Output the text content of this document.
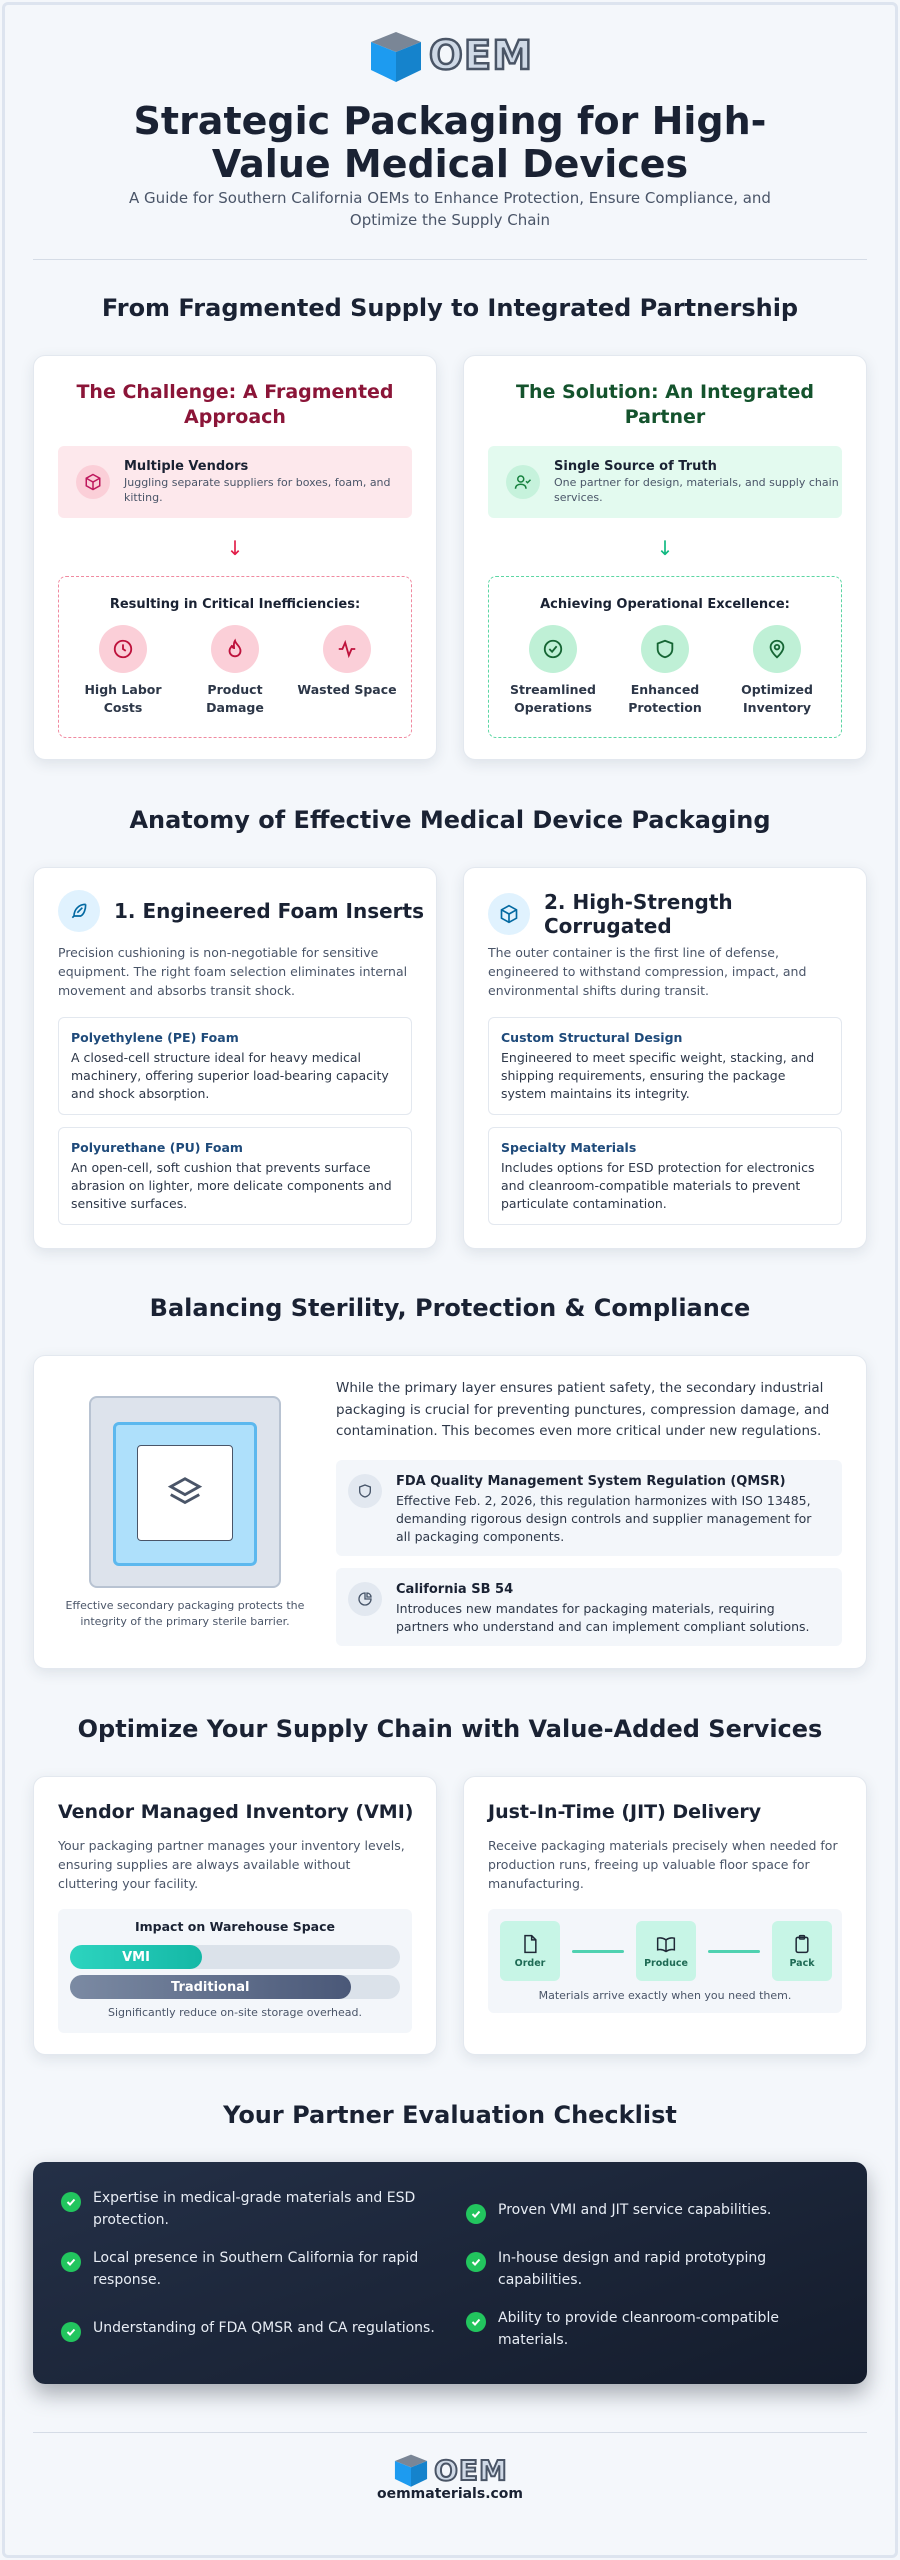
OEM
Strategic Packaging for High-Value Medical Devices
A Guide for Southern California OEMs to Enhance Protection, Ensure Compliance, and Optimize the Supply Chain
From Fragmented Supply to Integrated Partnership
The Challenge: A Fragmented Approach
Multiple Vendors
Juggling separate suppliers for boxes, foam, and kitting.
↓
Resulting in Critical Inefficiencies:
High Labor Costs
Product Damage
Wasted Space
The Solution: An Integrated Partner
Single Source of Truth
One partner for design, materials, and supply chain services.
↓
Achieving Operational Excellence:
Streamlined Operations
Enhanced Protection
Optimized Inventory
Anatomy of Effective Medical Device Packaging
1. Engineered Foam Inserts
Precision cushioning is non-negotiable for sensitive equipment. The right foam selection eliminates internal movement and absorbs transit shock.
Polyethylene (PE) Foam
A closed-cell structure ideal for heavy medical machinery, offering superior load-bearing capacity and shock absorption.
Polyurethane (PU) Foam
An open-cell, soft cushion that prevents surface abrasion on lighter, more delicate components and sensitive surfaces.
2. High-Strength Corrugated
The outer container is the first line of defense, engineered to withstand compression, impact, and environmental shifts during transit.
Custom Structural Design
Engineered to meet specific weight, stacking, and shipping requirements, ensuring the package system maintains its integrity.
Specialty Materials
Includes options for ESD protection for electronics and cleanroom-compatible materials to prevent particulate contamination.
Balancing Sterility, Protection & Compliance
Effective secondary packaging protects the integrity of the primary sterile barrier.
While the primary layer ensures patient safety, the secondary industrial packaging is crucial for preventing punctures, compression damage, and contamination. This becomes even more critical under new regulations.
FDA Quality Management System Regulation (QMSR)
Effective Feb. 2, 2026, this regulation harmonizes with ISO 13485, demanding rigorous design controls and supplier management for all packaging components.
California SB 54
Introduces new mandates for packaging materials, requiring partners who understand and can implement compliant solutions.
Optimize Your Supply Chain with Value-Added Services
Vendor Managed Inventory (VMI)
Your packaging partner manages your inventory levels, ensuring supplies are always available without cluttering your facility.
Impact on Warehouse Space
VMI
Traditional
Significantly reduce on-site storage overhead.
Just-In-Time (JIT) Delivery
Receive packaging materials precisely when needed for production runs, freeing up valuable floor space for manufacturing.
Order	Produce	Pack
Materials arrive exactly when you need them.
Your Partner Evaluation Checklist
Expertise in medical-grade materials and ESD protection.
Proven VMI and JIT service capabilities.
Local presence in Southern California for rapid response.
In-house design and rapid prototyping capabilities.
Understanding of FDA QMSR and CA regulations.
Ability to provide cleanroom-compatible materials.
OEM
oemmaterials.com
